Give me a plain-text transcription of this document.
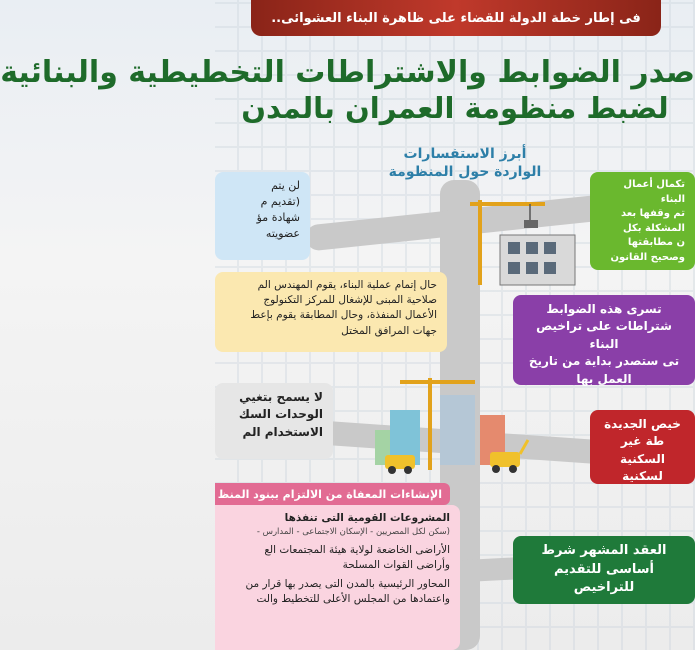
فى إطار خطة الدولة للقضاء على ظاهرة البناء العشوائى..
صدر الضوابط والاشتراطات التخطيطية والبنائية
لضبط منظومة العمران بالمدن
أبرز الاستفسارات
الواردة حول المنظومة
لن يتم
(تقديم م
شهادة مؤ
عضويته
حال إتمام عملية البناء، يقوم المهندس الم
صلاحية المبنى للإشغال للمركز التكنولوج
الأعمال المنفذة، وحال المطابقة يقوم بإعط
جهات المرافق المختل
لا يسمح بتغيي
الوحدات السك
الاستخدام الم
الإنشاءات المعفاة من الالتزام ببنود المنظ
المشروعات القومية التى تنفذها
(سكن لكل المصريين - الإسكان الاجتماعى - المدارس -
الأراضى الخاضعة لولاية هيئة المجتمعات الع
وأراضى القوات المسلحة
المحاور الرئيسية بالمدن التى يصدر بها قرار من
واعتمادها من المجلس الأعلى للتخطيط والت
تكمال أعمال البناء
تم وقفها بعد
المشكلة بكل
ن مطابقتها
وصحيح القانون
تسرى هذه الضوابط
شتراطات على تراخيص البناء
تى ستصدر بداية من تاريخ
العمل بها
خيص الجديدة
طة غير السكنية
لسكنية
العقد المشهر شرط
أساسى للتقديم للتراخيص
